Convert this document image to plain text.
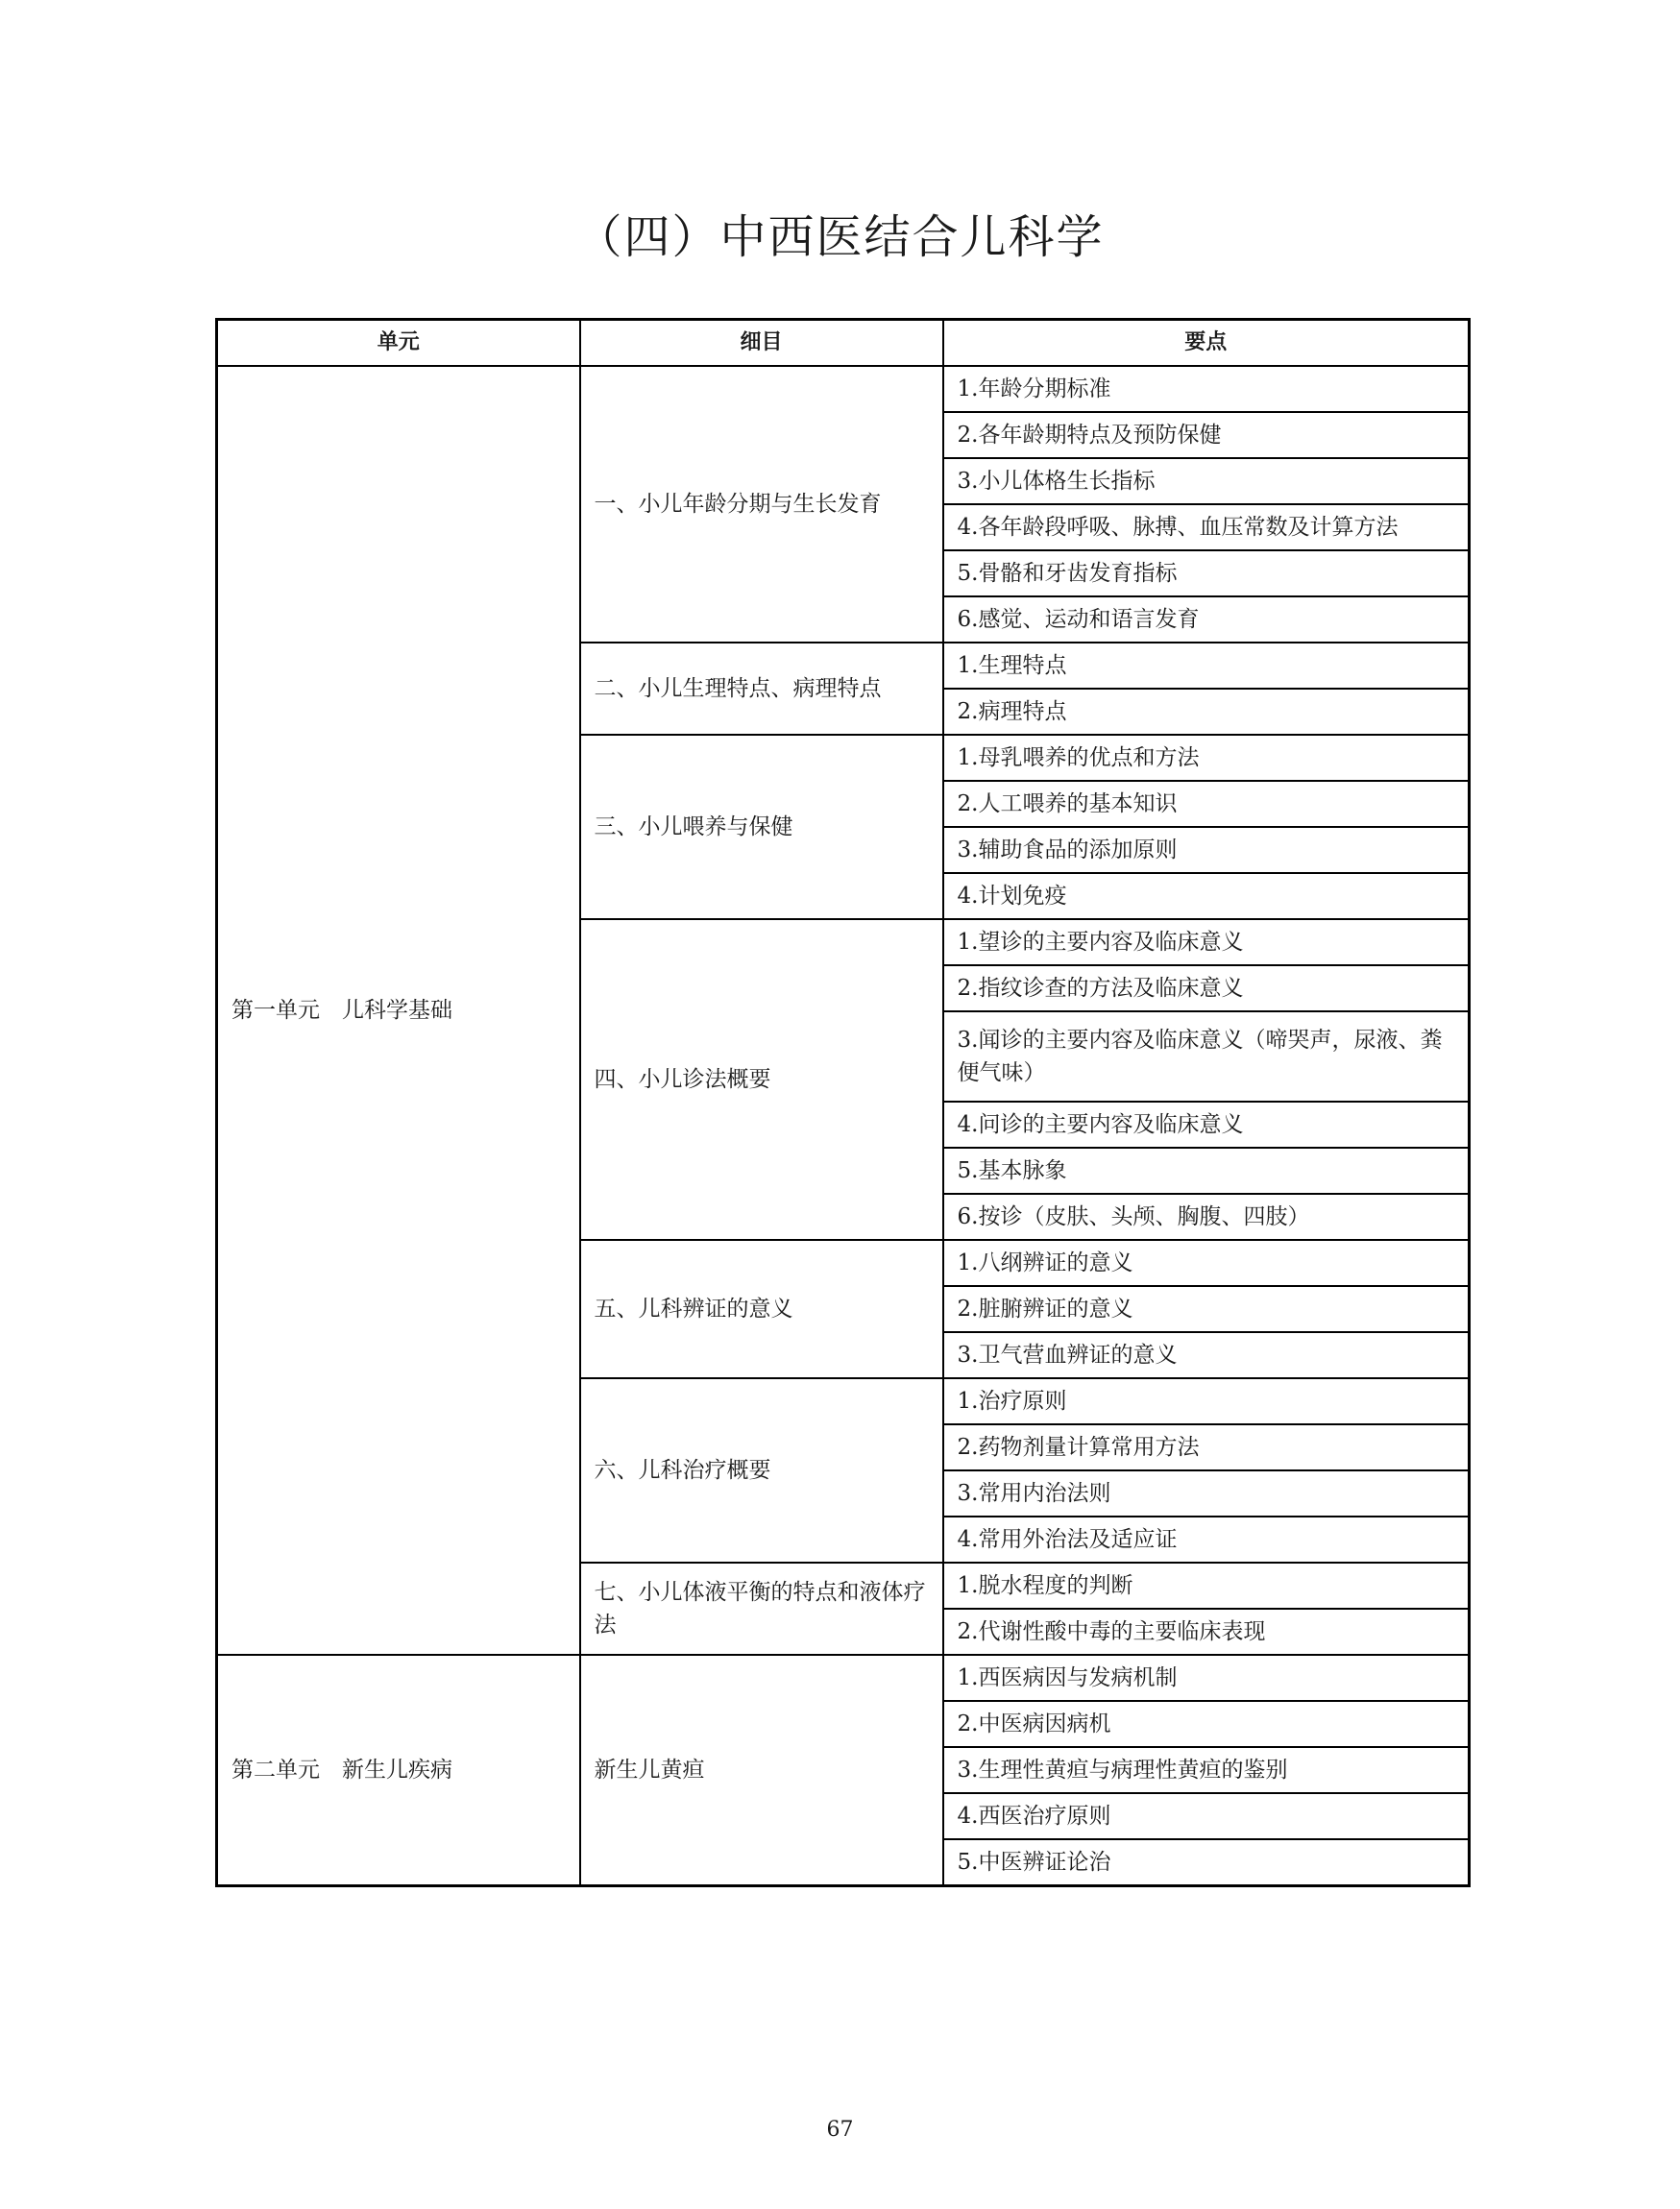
（四）中西医结合儿科学
单元	细目	要点
第一单元　儿科学基础	一、小儿年龄分期与生长发育	1.年龄分期标准
		2.各年龄期特点及预防保健
		3.小儿体格生长指标
		4.各年龄段呼吸、脉搏、血压常数及计算方法
		5.骨骼和牙齿发育指标
		6.感觉、运动和语言发育
	二、小儿生理特点、病理特点	1.生理特点
		2.病理特点
	三、小儿喂养与保健	1.母乳喂养的优点和方法
		2.人工喂养的基本知识
		3.辅助食品的添加原则
		4.计划免疫
	四、小儿诊法概要	1.望诊的主要内容及临床意义
		2.指纹诊查的方法及临床意义
		3.闻诊的主要内容及临床意义（啼哭声，尿液、粪便气味）
		4.问诊的主要内容及临床意义
		5.基本脉象
		6.按诊（皮肤、头颅、胸腹、四肢）
	五、儿科辨证的意义	1.八纲辨证的意义
		2.脏腑辨证的意义
		3.卫气营血辨证的意义
	六、儿科治疗概要	1.治疗原则
		2.药物剂量计算常用方法
		3.常用内治法则
		4.常用外治法及适应证
	七、小儿体液平衡的特点和液体疗法	1.脱水程度的判断
		2.代谢性酸中毒的主要临床表现
第二单元　新生儿疾病	新生儿黄疸	1.西医病因与发病机制
		2.中医病因病机
		3.生理性黄疸与病理性黄疸的鉴别
		4.西医治疗原则
		5.中医辨证论治
67
